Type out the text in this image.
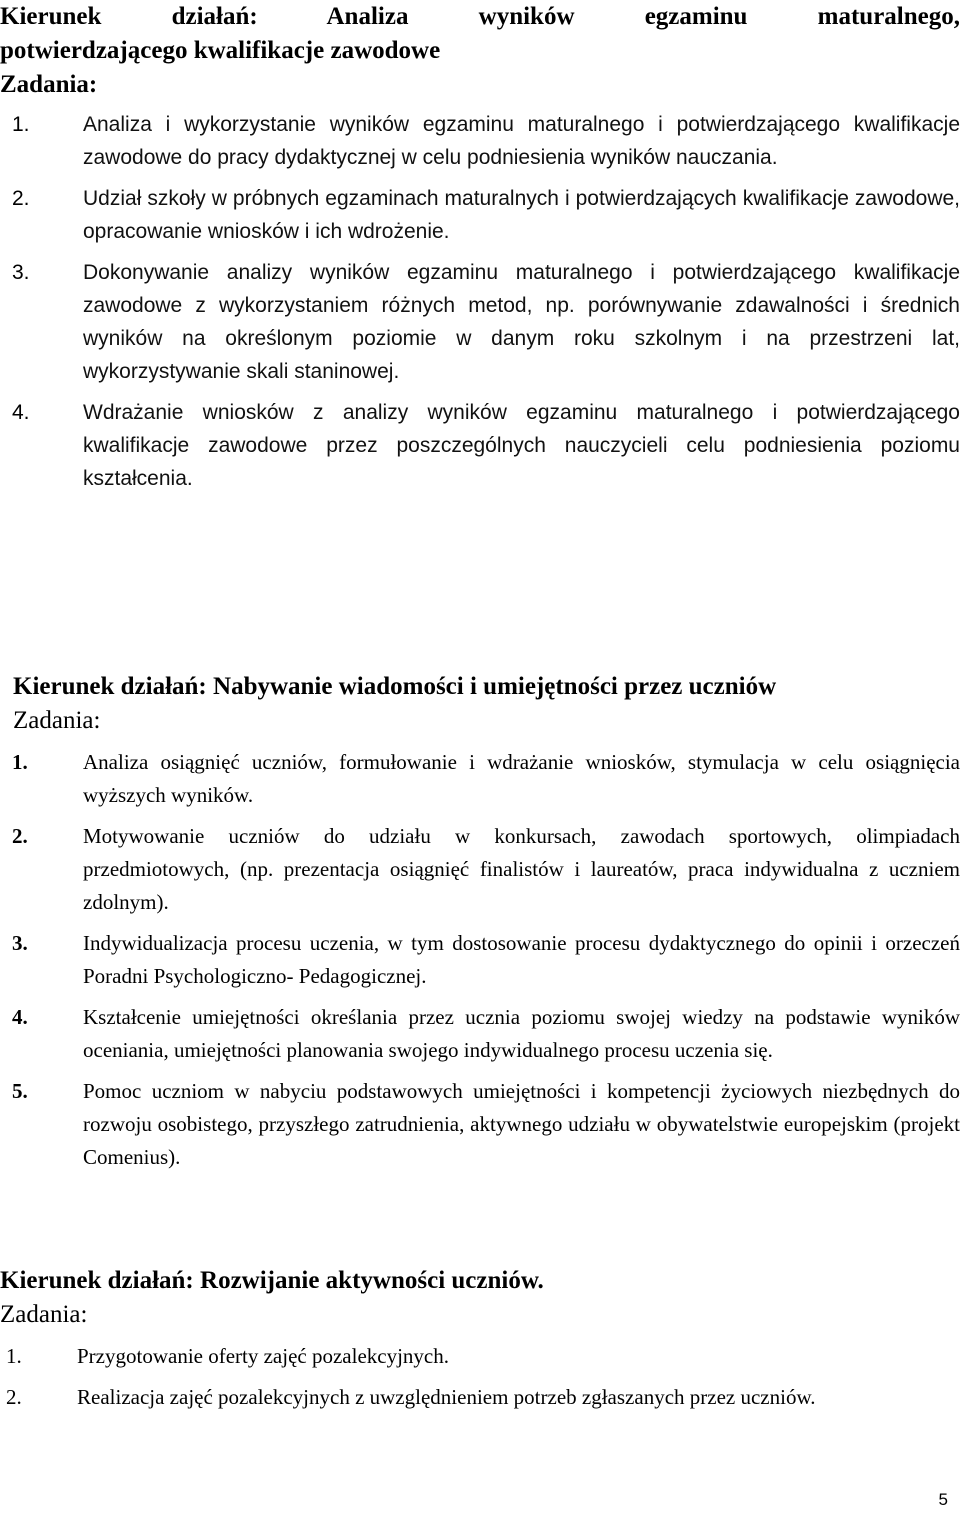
Kierunek działań: Analiza wyników egzaminu maturalnego,
potwierdzającego kwalifikacje zawodowe

Zadania:

1.	Analiza i wykorzystanie wyników egzaminu maturalnego i potwierdzającego kwalifikacje zawodowe do pracy dydaktycznej w celu podniesienia wyników nauczania.
2.	Udział szkoły w próbnych egzaminach maturalnych i potwierdzających kwalifikacje zawodowe, opracowanie wniosków i ich wdrożenie.
3.	Dokonywanie analizy wyników egzaminu maturalnego i potwierdzającego kwalifikacje zawodowe z wykorzystaniem różnych metod, np. porównywanie zdawalności i średnich wyników na określonym poziomie w danym roku szkolnym i na przestrzeni lat, wykorzystywanie skali staninowej.
4.	Wdrażanie wniosków z analizy wyników egzaminu maturalnego i potwierdzającego kwalifikacje zawodowe przez poszczególnych nauczycieli celu podniesienia poziomu kształcenia.

Kierunek działań: Nabywanie wiadomości i umiejętności przez uczniów

Zadania:

1.	Analiza osiągnięć uczniów, formułowanie i wdrażanie wniosków, stymulacja w celu osiągnięcia wyższych wyników.
2.	Motywowanie uczniów do udziału w konkursach, zawodach sportowych, olimpiadach przedmiotowych, (np. prezentacja osiągnięć finalistów i laureatów, praca indywidualna z uczniem zdolnym).
3.	Indywidualizacja procesu uczenia, w tym dostosowanie procesu dydaktycznego do opinii i orzeczeń Poradni Psychologiczno- Pedagogicznej.
4.	Kształcenie umiejętności określania przez ucznia poziomu swojej wiedzy na podstawie wyników oceniania, umiejętności planowania swojego indywidualnego procesu uczenia się.
5.	Pomoc uczniom w nabyciu podstawowych umiejętności i kompetencji życiowych niezbędnych do rozwoju osobistego, przyszłego zatrudnienia, aktywnego udziału w obywatelstwie europejskim (projekt Comenius).

Kierunek działań: Rozwijanie aktywności uczniów.

Zadania:

1.	Przygotowanie oferty zajęć pozalekcyjnych.
2.	Realizacja zajęć pozalekcyjnych z uwzględnieniem potrzeb zgłaszanych przez uczniów.
5
